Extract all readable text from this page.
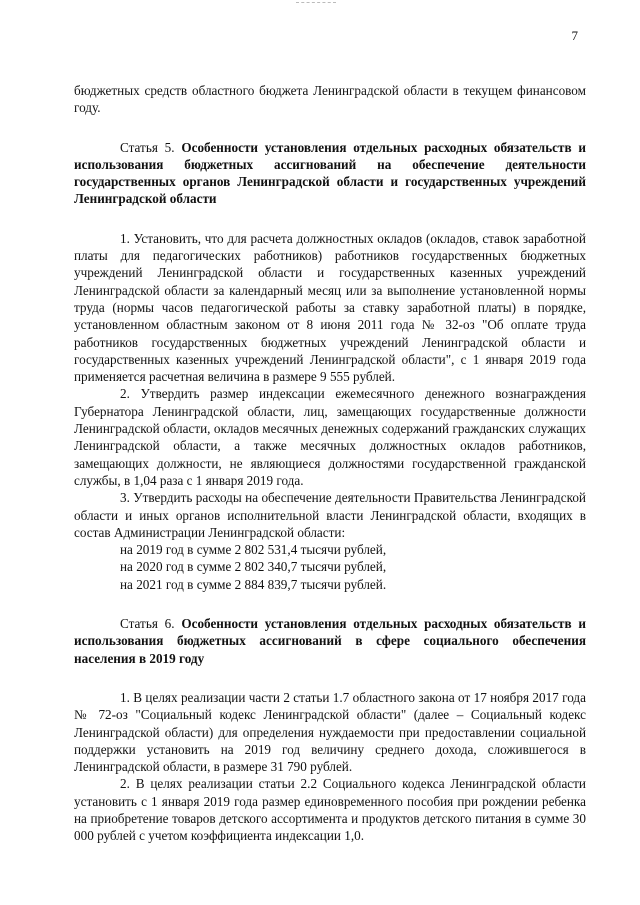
7

бюджетных средств областного бюджета Ленинградской области в текущем финансовом году.

Статья 5. Особенности установления отдельных расходных обязательств и использования бюджетных ассигнований на обеспечение деятельности государственных органов Ленинградской области и государственных учреждений Ленинградской области

1. Установить, что для расчета должностных окладов (окладов, ставок заработной платы для педагогических работников) работников государственных бюджетных учреждений Ленинградской области и государственных казенных учреждений Ленинградской области за календарный месяц или за выполнение установленной нормы труда (нормы часов педагогической работы за ставку заработной платы) в порядке, установленном областным законом от 8 июня 2011 года № 32-оз "Об оплате труда работников государственных бюджетных учреждений Ленинградской области и государственных казенных учреждений Ленинградской области", с 1 января 2019 года применяется расчетная величина в размере 9 555 рублей.

2. Утвердить размер индексации ежемесячного денежного вознаграждения Губернатора Ленинградской области, лиц, замещающих государственные должности Ленинградской области, окладов месячных денежных содержаний гражданских служащих Ленинградской области, а также месячных должностных окладов работников, замещающих должности, не являющиеся должностями государственной гражданской службы, в 1,04 раза с 1 января 2019 года.

3. Утвердить расходы на обеспечение деятельности Правительства Ленинградской области и иных органов исполнительной власти Ленинградской области, входящих в состав Администрации Ленинградской области:

на 2019 год в сумме 2 802 531,4 тысячи рублей,
на 2020 год в сумме 2 802 340,7 тысячи рублей,
на 2021 год в сумме 2 884 839,7 тысячи рублей.

Статья 6. Особенности установления отдельных расходных обязательств и использования бюджетных ассигнований в сфере социального обеспечения населения в 2019 году

1. В целях реализации части 2 статьи 1.7 областного закона от 17 ноября 2017 года № 72-оз "Социальный кодекс Ленинградской области" (далее – Социальный кодекс Ленинградской области) для определения нуждаемости при предоставлении социальной поддержки установить на 2019 год величину среднего дохода, сложившегося в Ленинградской области, в размере 31 790 рублей.

2. В целях реализации статьи 2.2 Социального кодекса Ленинградской области установить с 1 января 2019 года размер единовременного пособия при рождении ребенка на приобретение товаров детского ассортимента и продуктов детского питания в сумме 30 000 рублей с учетом коэффициента индексации 1,0.
